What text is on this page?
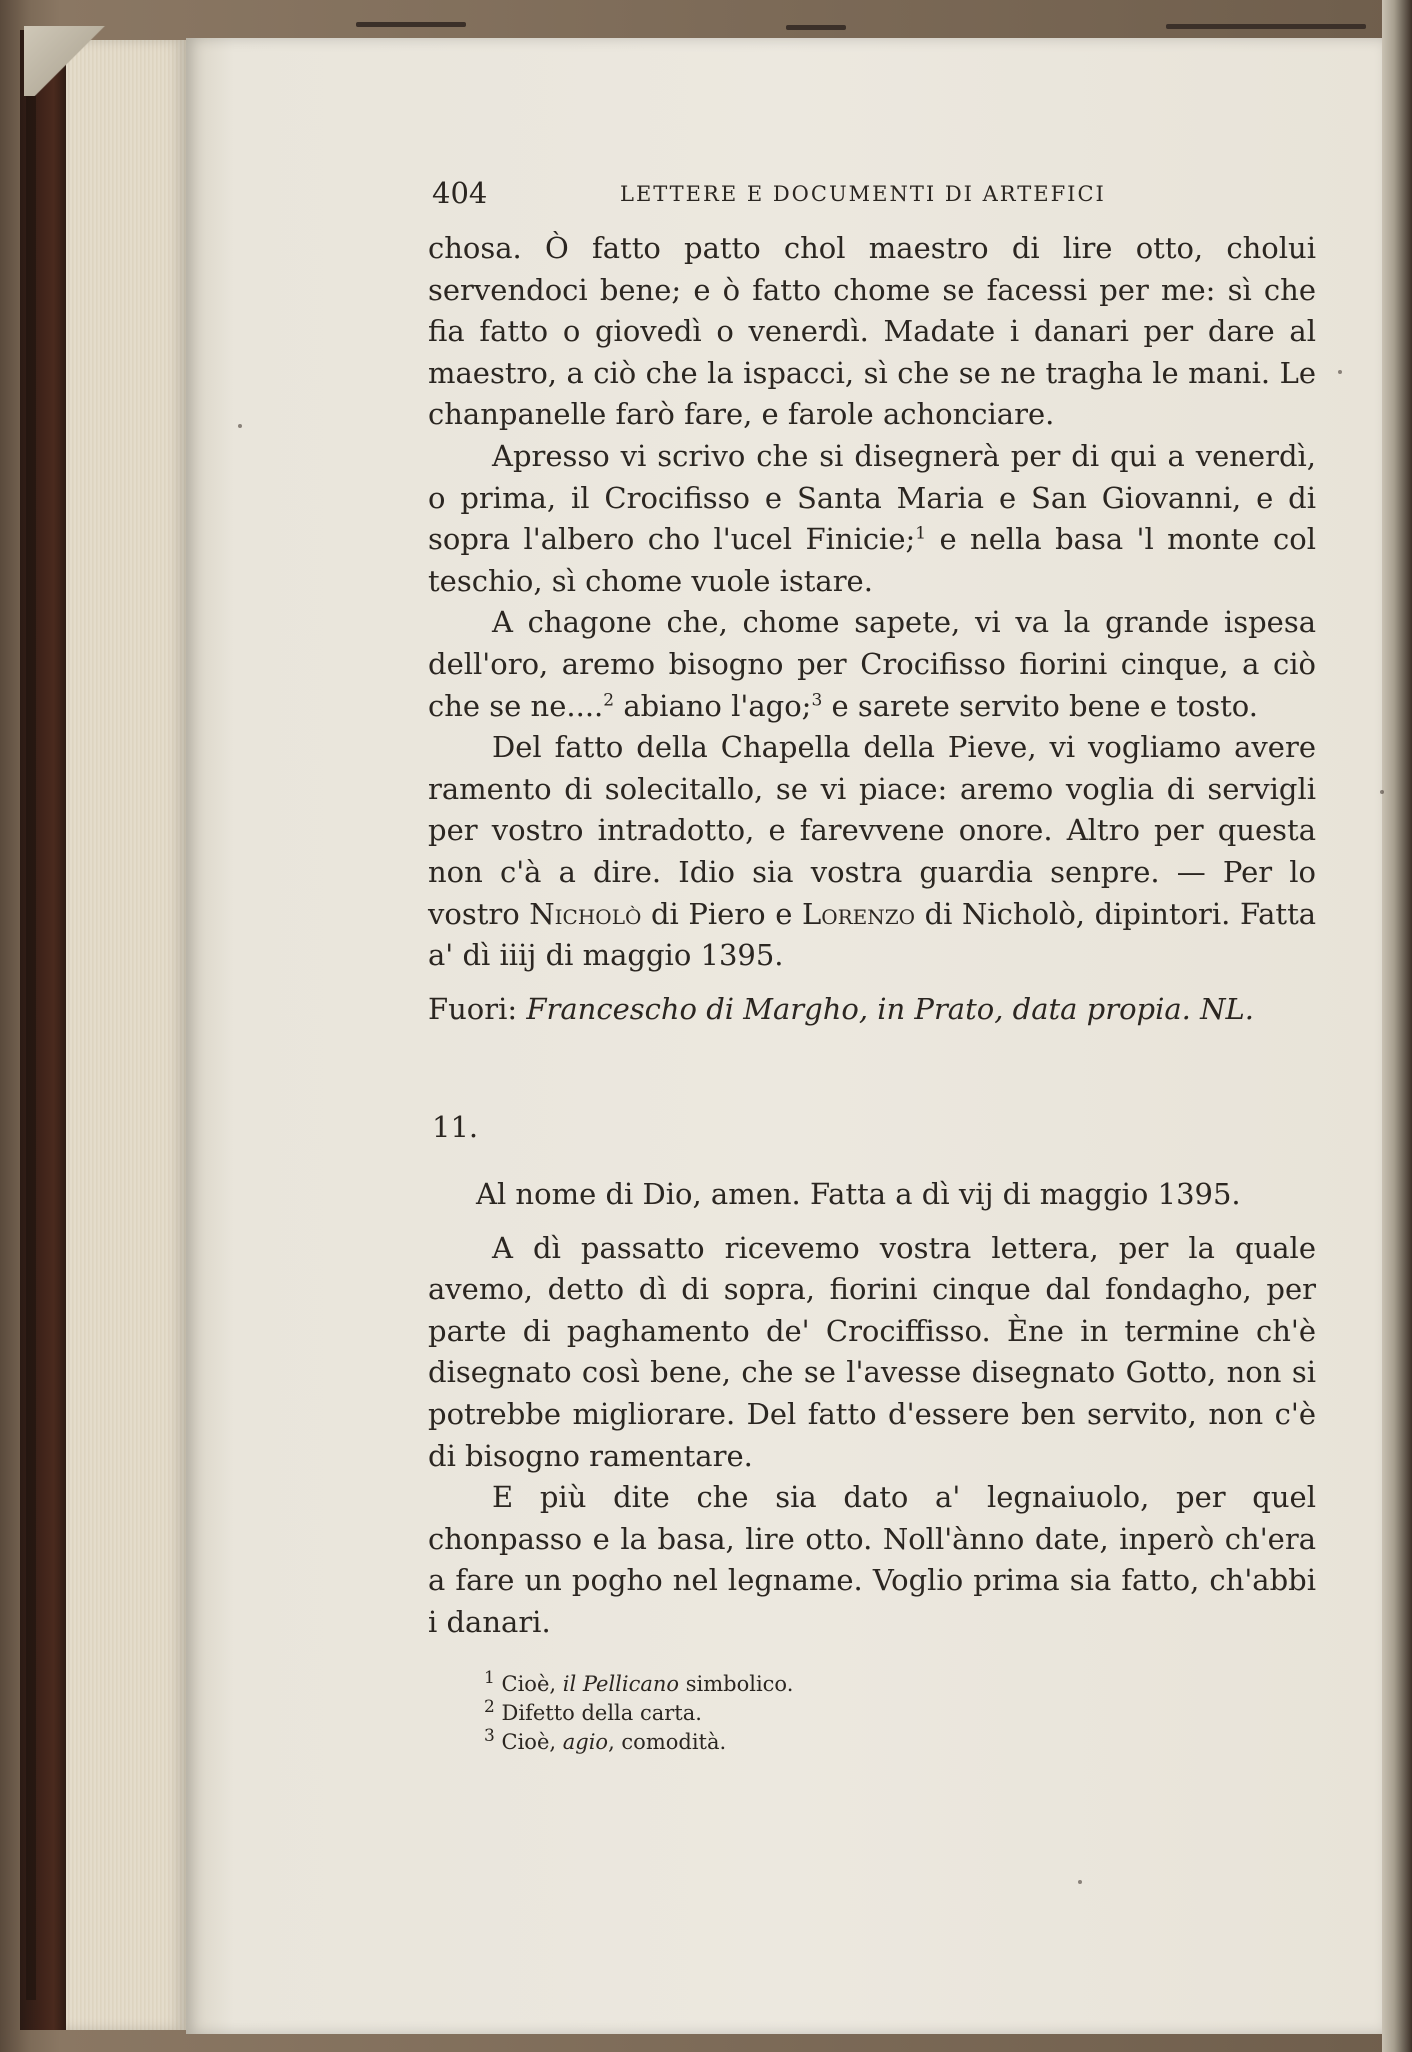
404	LETTERE E DOCUMENTI DI ARTEFICI

chosa. Ò fatto patto chol maestro di lire otto, cholui servendoci bene; e ò fatto chome se facessi per me: sì che fia fatto o giovedì o venerdì. Madate i danari per dare al maestro, a ciò che la ispacci, sì che se ne tragha le mani. Le chanpanelle farò fare, e farole achonciare.

Apresso vi scrivo che si disegnerà per di qui a venerdì, o prima, il Crocifisso e Santa Maria e San Giovanni, e di sopra l'albero cho l'ucel Finicie;$^1$ e nella basa 'l monte col teschio, sì chome vuole istare.

A chagone che, chome sapete, vi va la grande ispesa dell'oro, aremo bisogno per Crocifisso fiorini cinque, a ciò che se ne....$^2$ abiano l'ago;$^3$ e sarete servito bene e tosto.

Del fatto della Chapella della Pieve, vi vogliamo avere ramento di solecitallo, se vi piace: aremo voglia di servigli per vostro intradotto, e farevvene onore. Altro per questa non c'à a dire. Idio sia vostra guardia senpre. — Per lo vostro Nicholò di Piero e Lorenzo di Nicholò, dipintori. Fatta a' dì iiij di maggio 1395.

Fuori: Francescho di Margho, in Prato, data propia. NL.

11.

Al nome di Dio, amen. Fatta a dì vij di maggio 1395.

A dì passatto ricevemo vostra lettera, per la quale avemo, detto dì di sopra, fiorini cinque dal fondagho, per parte di paghamento de' Crociffisso. Ène in termine ch'è disegnato così bene, che se l'avesse disegnato Gotto, non si potrebbe migliorare. Del fatto d'essere ben servito, non c'è di bisogno ramentare.

E più dite che sia dato a' legnaiuolo, per quel chonpasso e la basa, lire otto. Noll'ànno date, inperò ch'era a fare un pogho nel legname. Voglio prima sia fatto, ch'abbi i danari.

$^1$ Cioè, il Pellicano simbolico.

$^2$ Difetto della carta.

$^3$ Cioè, agio, comodità.
